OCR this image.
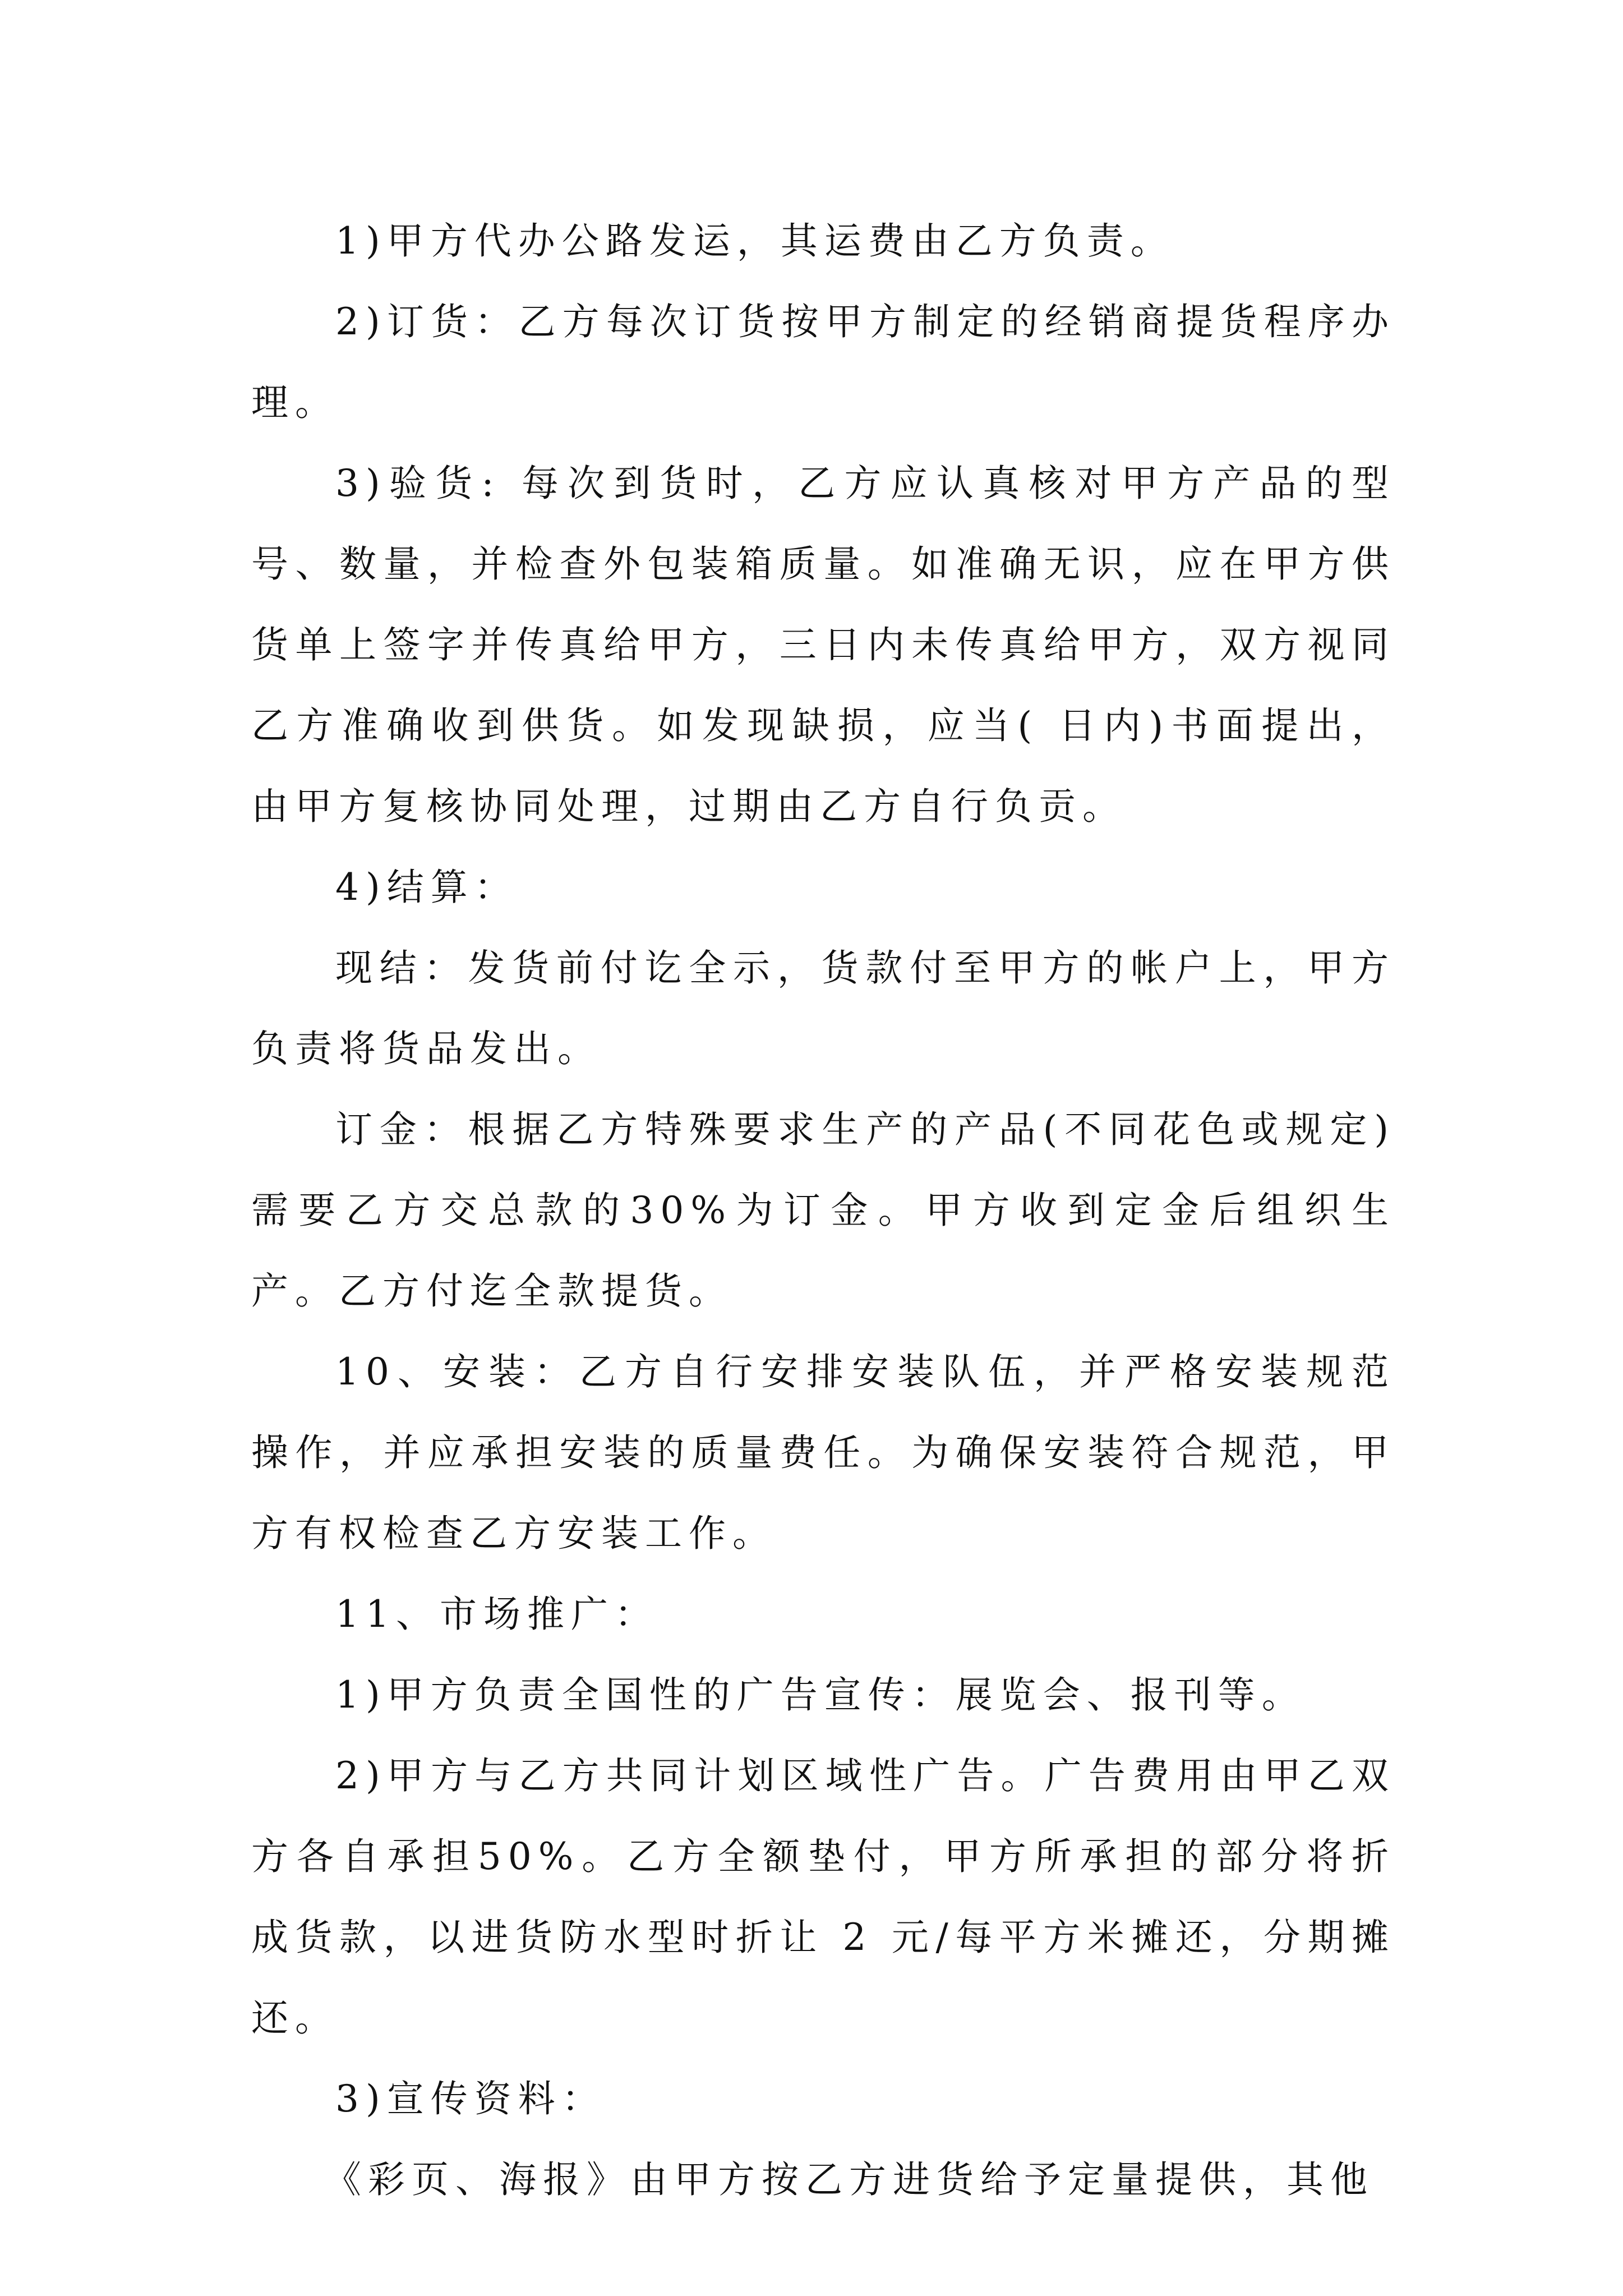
1)甲方代办公路发运，其运费由乙方负责。

2)订货：乙方每次订货按甲方制定的经销商提货程序办理。

3)验货: 每次到货时，乙方应认真核对甲方产品的型号、数量，并检查外包装箱质量。如准确无识，应在甲方供货单上签字并传真给甲方，三日内未传真给甲方，双方视同乙方准确收到供货。如发现缺损，应当( 日内)书面提出，由甲方复核协同处理，过期由乙方自行负贡。

4)结算：

现结：发货前付讫全示，货款付至甲方的帐户上，甲方负责将货品发出。

订金：根据乙方特殊要求生产的产品(不同花色或规定)需要乙方交总款的30%为订金。甲方收到定金后组织生产。乙方付迄全款提货。

10、安装：乙方自行安排安装队伍，并严格安装规范操作，并应承担安装的质量费任。为确保安装符合规范，甲方有权检查乙方安装工作。

11、市场推广：

1)甲方负责全国性的广告宣传：展览会、报刊等。

2)甲方与乙方共同计划区域性广告。广告费用由甲乙双方各自承担50%。乙方全额垫付，甲方所承担的部分将折成货款，以进货防水型时折让 2 元/每平方米摊还，分期摊还。

3)宣传资料：

《彩页、海报》由甲方按乙方进货给予定量提供，其他
